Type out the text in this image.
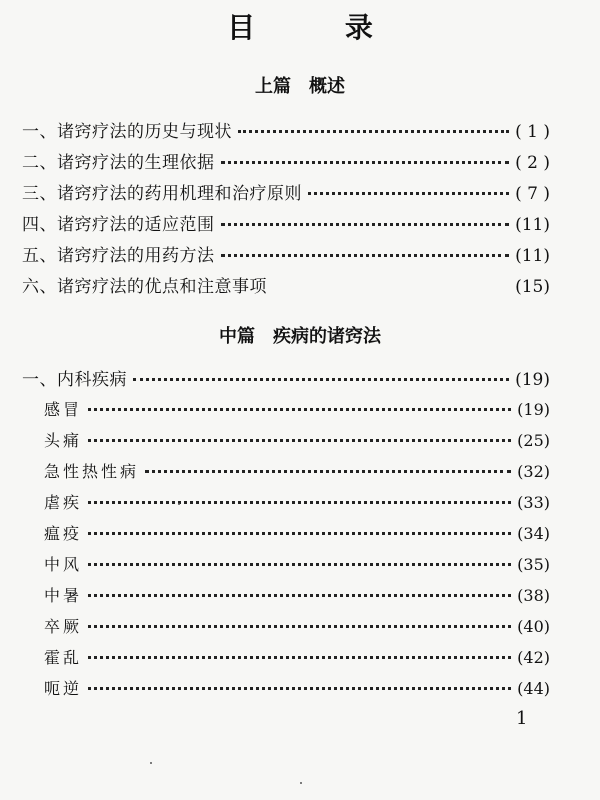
目 录
上篇 概述
一、诸窍疗法的历史与现状	( 1 )
二、诸窍疗法的生理依据	( 2 )
三、诸窍疗法的药用机理和治疗原则	( 7 )
四、诸窍疗法的适应范围	(11)
五、诸窍疗法的用药方法	(11)
六、诸窍疗法的优点和注意事项	(15)
中篇 疾病的诸窍法
一、内科疾病	(19)
感冒	(19)
头痛	(25)
急性热性病	(32)
虐疾	(33)
瘟疫	(34)
中风	(35)
中暑	(38)
卒厥	(40)
霍乱	(42)
呃逆	(44)
1
